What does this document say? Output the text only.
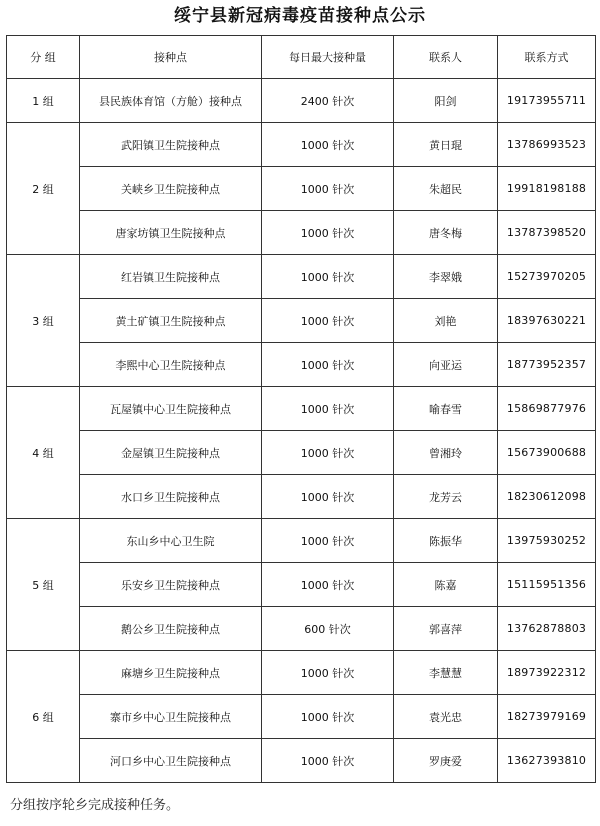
绥宁县新冠病毒疫苗接种点公示
分 组	接种点	每日最大接种量	联系人	联系方式
1 组	县民族体育馆（方舱）接种点	2400 针次	阳剑	19173955711
2 组	武阳镇卫生院接种点	1000 针次	黄日琨	13786993523
	关峡乡卫生院接种点	1000 针次	朱超民	19918198188
	唐家坊镇卫生院接种点	1000 针次	唐冬梅	13787398520
3 组	红岩镇卫生院接种点	1000 针次	李翠娥	15273970205
	黄土矿镇卫生院接种点	1000 针次	刘艳	18397630221
	李熙中心卫生院接种点	1000 针次	向亚运	18773952357
4 组	瓦屋镇中心卫生院接种点	1000 针次	喻春雪	15869877976
	金屋镇卫生院接种点	1000 针次	曾湘玲	15673900688
	水口乡卫生院接种点	1000 针次	龙芳云	18230612098
5 组	东山乡中心卫生院	1000 针次	陈振华	13975930252
	乐安乡卫生院接种点	1000 针次	陈嘉	15115951356
	鹅公乡卫生院接种点	600 针次	郭喜萍	13762878803
6 组	麻塘乡卫生院接种点	1000 针次	李慧慧	18973922312
	寨市乡中心卫生院接种点	1000 针次	袁光忠	18273979169
	河口乡中心卫生院接种点	1000 针次	罗庚爱	13627393810
分组按序轮乡完成接种任务。
